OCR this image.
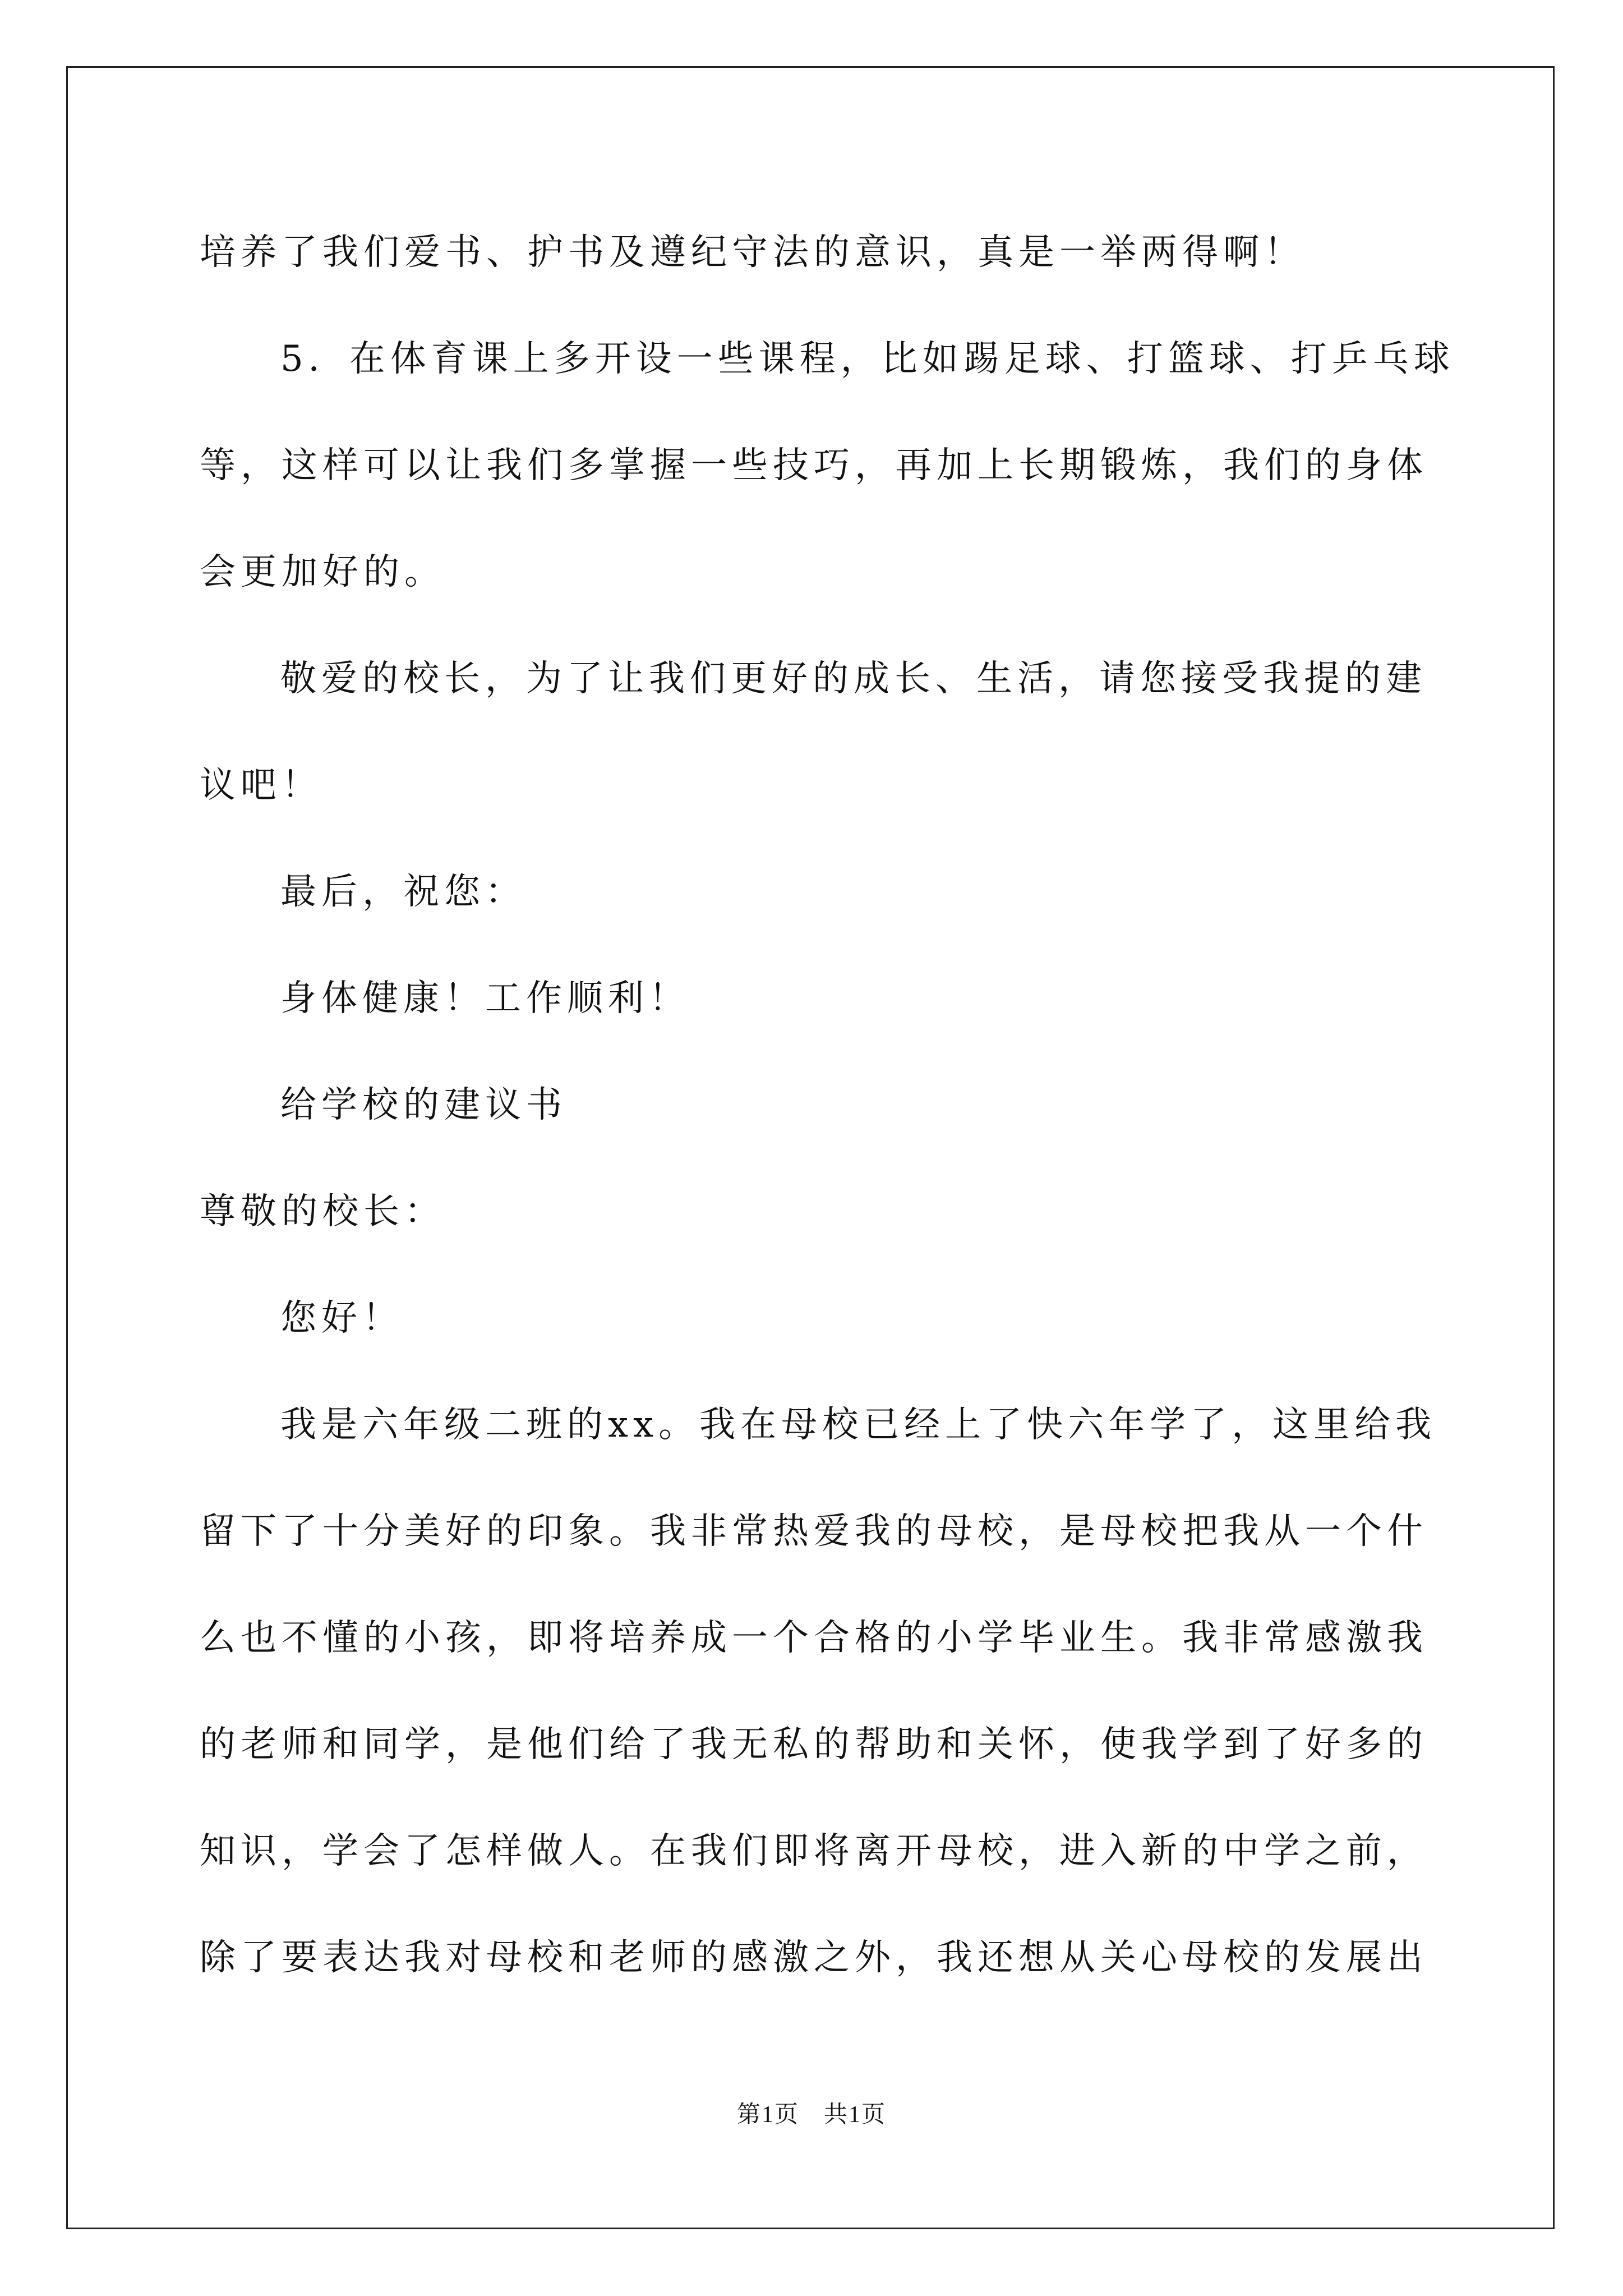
培养了我们爱书、护书及遵纪守法的意识，真是一举两得啊！

5．在体育课上多开设一些课程，比如踢足球、打篮球、打乒乓球

等，这样可以让我们多掌握一些技巧，再加上长期锻炼，我们的身体

会更加好的。

敬爱的校长，为了让我们更好的成长、生活，请您接受我提的建

议吧！

最后，祝您：

身体健康！工作顺利！

给学校的建议书

尊敬的校长：

您好！

我是六年级二班的xx。我在母校已经上了快六年学了，这里给我

留下了十分美好的印象。我非常热爱我的母校，是母校把我从一个什

么也不懂的小孩，即将培养成一个合格的小学毕业生。我非常感激我

的老师和同学，是他们给了我无私的帮助和关怀，使我学到了好多的

知识，学会了怎样做人。在我们即将离开母校，进入新的中学之前，

除了要表达我对母校和老师的感激之外，我还想从关心母校的发展出

第1页　共1页
